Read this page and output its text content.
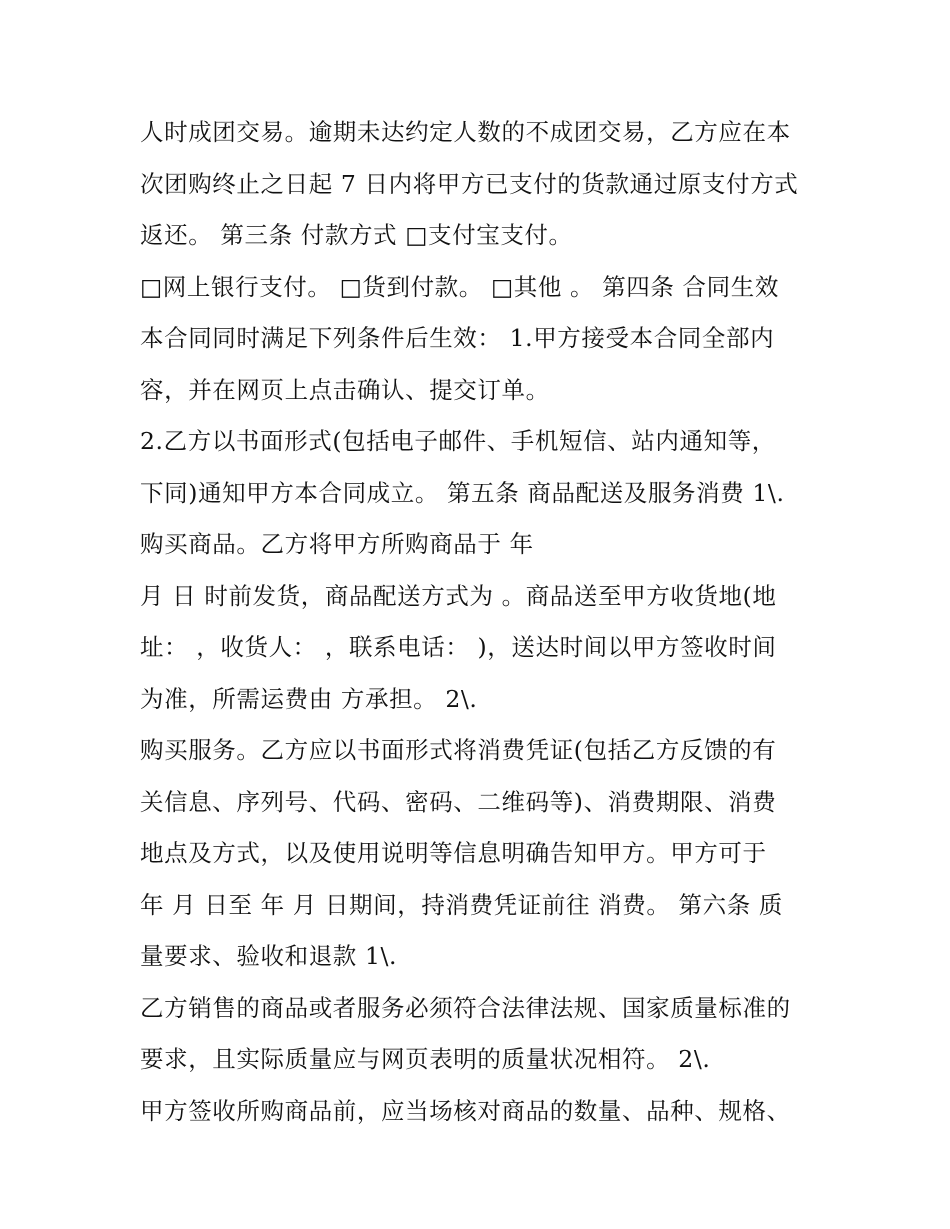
人时成团交易。逾期未达约定人数的不成团交易，乙方应在本
次团购终止之日起 7 日内将甲方已支付的货款通过原支付方式
返还。 第三条 付款方式 □支付宝支付。
□网上银行支付。 □货到付款。 □其他 。 第四条 合同生效
本合同同时满足下列条件后生效： 1.甲方接受本合同全部内
容，并在网页上点击确认、提交订单。
2.乙方以书面形式(包括电子邮件、手机短信、站内通知等，
下同)通知甲方本合同成立。 第五条 商品配送及服务消费 1\.
购买商品。乙方将甲方所购商品于 年
月 日 时前发货，商品配送方式为 。商品送至甲方收货地(地
址： ，收货人： ，联系电话： )，送达时间以甲方签收时间
为准，所需运费由 方承担。 2\.
购买服务。乙方应以书面形式将消费凭证(包括乙方反馈的有
关信息、序列号、代码、密码、二维码等)、消费期限、消费
地点及方式，以及使用说明等信息明确告知甲方。甲方可于
年 月 日至 年 月 日期间，持消费凭证前往 消费。 第六条 质
量要求、验收和退款 1\.
乙方销售的商品或者服务必须符合法律法规、国家质量标准的
要求，且实际质量应与网页表明的质量状况相符。 2\.
甲方签收所购商品前，应当场核对商品的数量、品种、规格、
